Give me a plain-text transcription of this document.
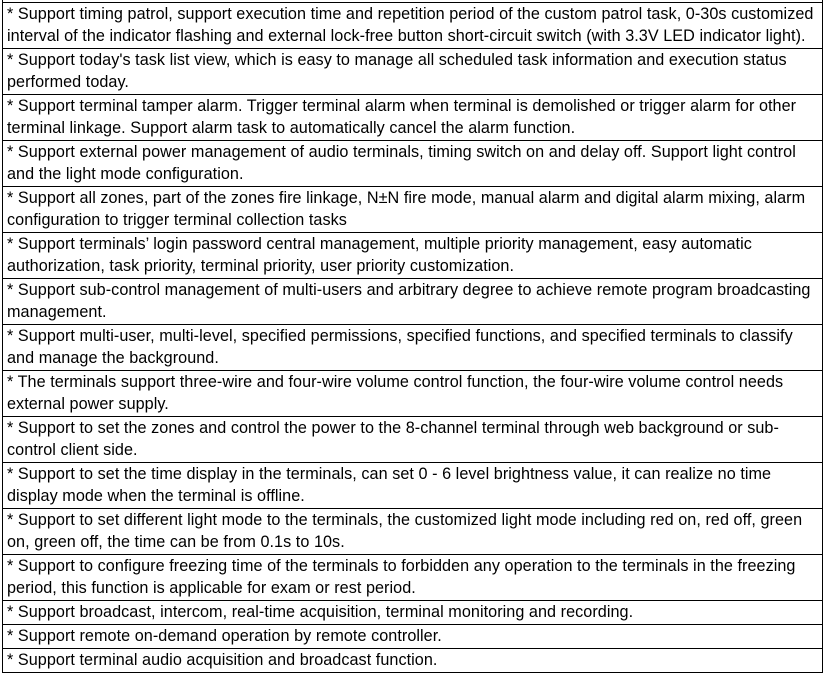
* Support timing patrol, support execution time and repetition period of the custom patrol task, 0-30s customized interval of the indicator flashing and external lock-free button short-circuit switch (with 3.3V LED indicator light).
* Support today's task list view, which is easy to manage all scheduled task information and execution status performed today.
* Support terminal tamper alarm. Trigger terminal alarm when terminal is demolished or trigger alarm for other terminal linkage. Support alarm task to automatically cancel the alarm function.
* Support external power management of audio terminals, timing switch on and delay off. Support light control and the light mode configuration.
* Support all zones, part of the zones fire linkage, N±N fire mode, manual alarm and digital alarm mixing, alarm configuration to trigger terminal collection tasks
* Support terminals’ login password central management, multiple priority management, easy automatic authorization, task priority, terminal priority, user priority customization.
* Support sub-control management of multi-users and arbitrary degree to achieve remote program broadcasting management.
* Support multi-user, multi-level, specified permissions, specified functions, and specified terminals to classify and manage the background.
* The terminals support three-wire and four-wire volume control function, the four-wire volume control needs external power supply.
* Support to set the zones and control the power to the 8-channel terminal through web background or sub-control client side.
* Support to set the time display in the terminals, can set 0 - 6 level brightness value, it can realize no time display mode when the terminal is offline.
* Support to set different light mode to the terminals, the customized light mode including red on, red off, green on, green off, the time can be from 0.1s to 10s.
* Support to configure freezing time of the terminals to forbidden any operation to the terminals in the freezing period, this function is applicable for exam or rest period.
* Support broadcast, intercom, real-time acquisition, terminal monitoring and recording.
* Support remote on-demand operation by remote controller.
* Support terminal audio acquisition and broadcast function.
